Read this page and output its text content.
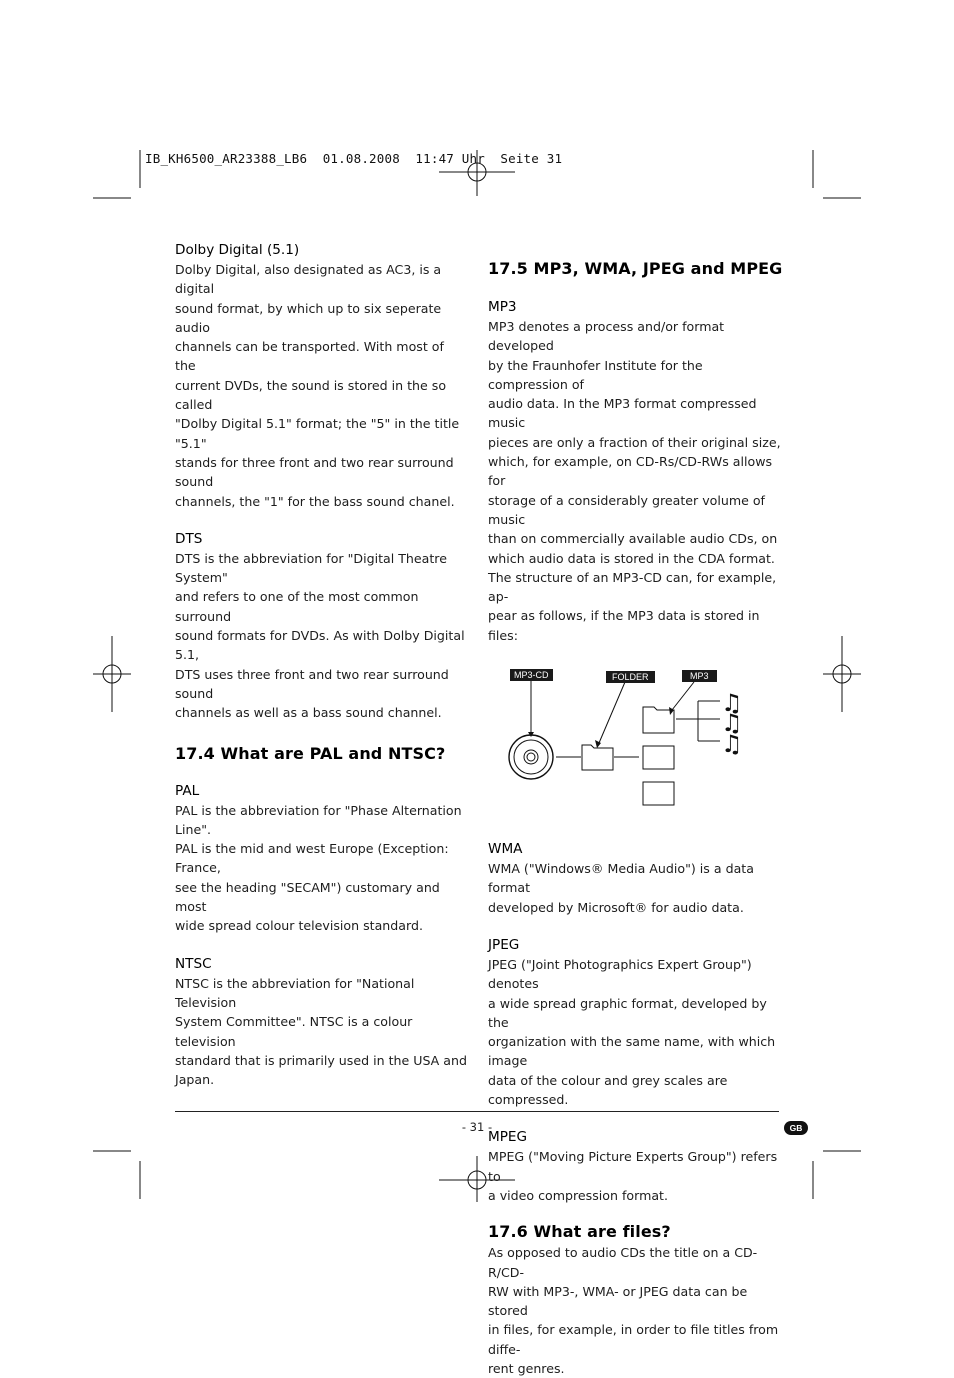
IB_KH6500_AR23388_LB6  01.08.2008  11:47 Uhr  Seite 31
Dolby Digital (5.1)
Dolby Digital, also designated as AC3, is a digital
sound format, by which up to six seperate audio
channels can be transported. With most of the
current DVDs, the sound is stored in the so called
"Dolby Digital 5.1" format; the "5" in the title "5.1"
stands for three front and two rear surround sound
channels, the "1" for the bass sound chanel.
DTS
DTS is the abbreviation for "Digital Theatre System"
and refers to one of the most common surround
sound formats for DVDs. As with Dolby Digital 5.1,
DTS uses three front and two rear surround sound
channels as well as a bass sound channel.
17.4 What are PAL and NTSC?
PAL
PAL is the abbreviation for "Phase Alternation Line".
PAL is the mid and west Europe (Exception: France,
see the heading "SECAM") customary and most
wide spread colour television standard.
NTSC
NTSC is the abbreviation for "National Television
System Committee". NTSC is a colour television
standard that is primarily used in the USA and
Japan.
17.5 MP3, WMA, JPEG and MPEG
MP3
MP3 denotes a process and/or format developed
by the Fraunhofer Institute for the compression of
audio data. In the MP3 format compressed music
pieces are only a fraction of their original size,
which, for example, on CD-Rs/CD-RWs allows for
storage of a considerably greater volume of music
than on commercially available audio CDs, on
which audio data is stored in the CDA format.
The structure of an MP3-CD can, for example, ap-
pear as follows, if the MP3 data is stored in files:
♫
♫
♫
MP3-CD	FOLDER	MP3
WMA
WMA ("Windows® Media Audio") is a data format
developed by Microsoft® for audio data.
JPEG
JPEG ("Joint Photographics Expert Group") denotes
a wide spread graphic format, developed by the
organization with the same name, with which image
data of the colour and grey scales are compressed.
MPEG
MPEG ("Moving Picture Experts Group") refers to
a video compression format.
17.6 What are files?
As opposed to audio CDs the title on a CD-R/CD-
RW with MP3-, WMA- or JPEG data can be stored
in files, for example, in order to file titles from diffe-
rent genres.
- 31 -	GB
